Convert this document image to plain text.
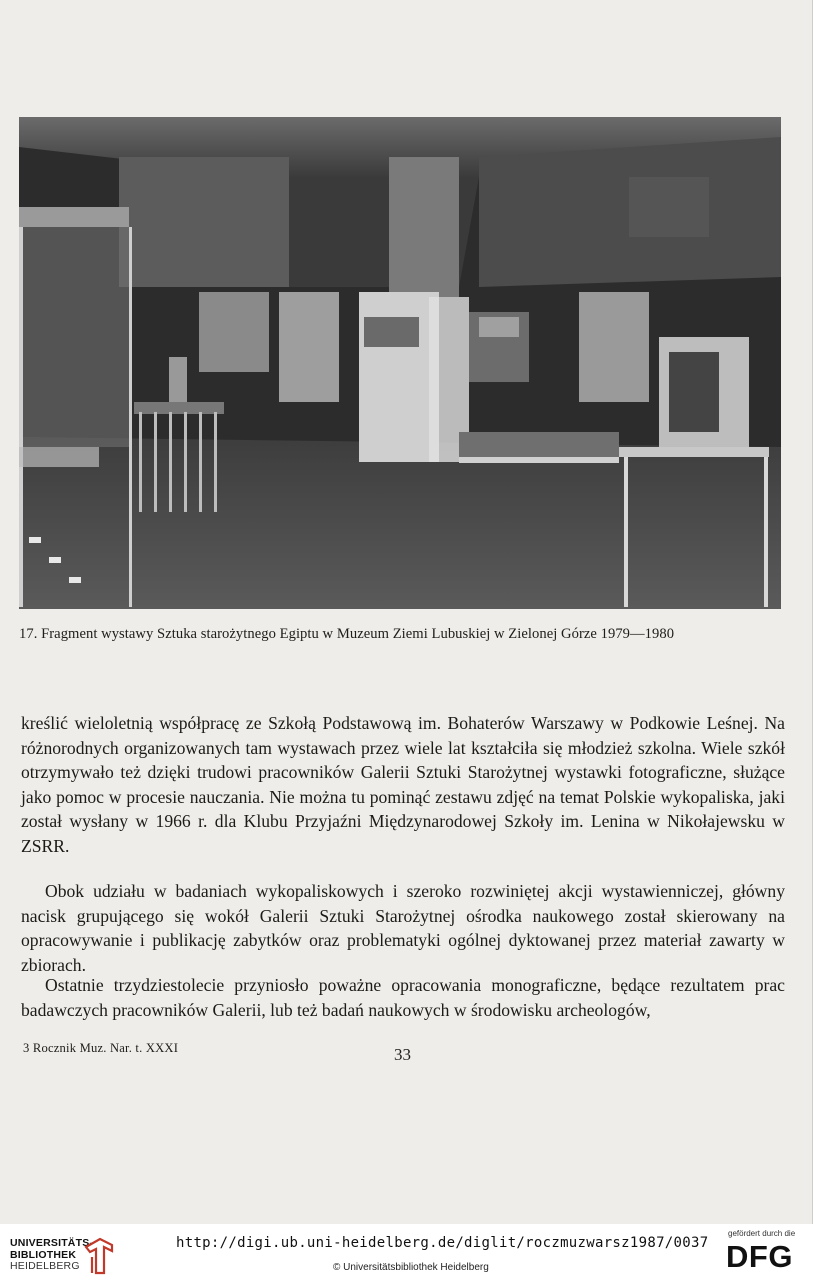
17. Fragment wystawy Sztuka starożytnego Egiptu w Muzeum Ziemi Lubuskiej w Zielonej Górze 1979—1980

kreślić wieloletnią współpracę ze Szkołą Podstawową im. Bohaterów Warszawy w Podkowie Leśnej. Na różnorodnych organizowanych tam wystawach przez wiele lat kształciła się młodzież szkolna. Wiele szkół otrzymywało też dzięki trudowi pracowników Galerii Sztuki Starożytnej wystawki fotograficzne, służące jako pomoc w procesie nauczania. Nie można tu pominąć zestawu zdjęć na temat Polskie wykopaliska, jaki został wysłany w 1966 r. dla Klubu Przyjaźni Międzynarodowej Szkoły im. Lenina w Nikołajewsku w ZSRR.

Obok udziału w badaniach wykopaliskowych i szeroko rozwiniętej akcji wystawienniczej, główny nacisk grupującego się wokół Galerii Sztuki Starożytnej ośrodka naukowego został skierowany na opracowywanie i publikację zabytków oraz problematyki ogólnej dyktowanej przez materiał zawarty w zbiorach.

Ostatnie trzydziestolecie przyniosło poważne opracowania monograficzne, będące rezultatem prac badawczych pracowników Galerii, lub też badań naukowych w środowisku archeologów,

3 Rocznik Muz. Nar. t. XXXI	33
UNIVERSITÄTS-
BIBLIOTHEK
HEIDELBERG
http://digi.ub.uni-heidelberg.de/diglit/roczmuzwarsz1987/0037
© Universitätsbibliothek Heidelberg
gefördert durch die
DFG
